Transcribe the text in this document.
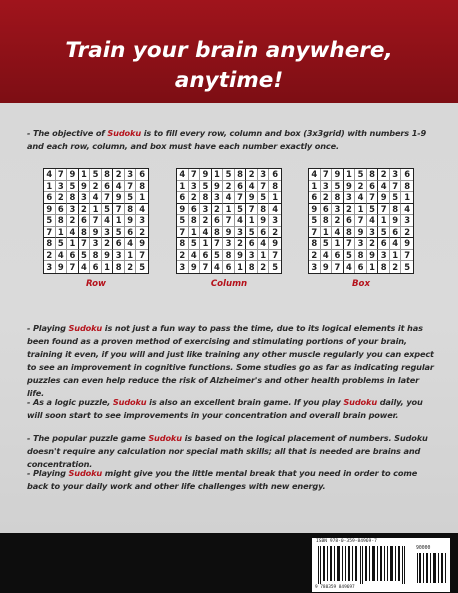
Train your brain anywhere,
anytime!

- The objective of Sudoku is to fill every row, column and box (3x3grid) with numbers 1-9 and each row, column, and box must have each number exactly once.

4 7 9 1 5 8 2 3 6
1 3 5 9 2 6 4 7 8
6 2 8 3 4 7 9 5 1
9 6 3 2 1 5 7 8 4
5 8 2 6 7 4 1 9 3
7 1 4 8 9 3 5 6 2
8 5 1 7 3 2 6 4 9
2 4 6 5 8 9 3 1 7
3 9 7 4 6 1 8 2 5
4 7 9 1 5 8 2 3 6
1 3 5 9 2 6 4 7 8
6 2 8 3 4 7 9 5 1
9 6 3 2 1 5 7 8 4
5 8 2 6 7 4 1 9 3
7 1 4 8 9 3 5 6 2
8 5 1 7 3 2 6 4 9
2 4 6 5 8 9 3 1 7
3 9 7 4 6 1 8 2 5
4 7 9 1 5 8 2 3 6
1 3 5 9 2 6 4 7 8
6 2 8 3 4 7 9 5 1
9 6 3 2 1 5 7 8 4
5 8 2 6 7 4 1 9 3
7 1 4 8 9 3 5 6 2
8 5 1 7 3 2 6 4 9
2 4 6 5 8 9 3 1 7
3 9 7 4 6 1 8 2 5
Row	Column	Box

- Playing Sudoku is not just a fun way to pass the time, due to its logical elements it has been found as a proven method of exercising and stimulating portions of your brain, training it even, if you will and just like training any other muscle regularly you can expect to see an improvement in cognitive functions. Some studies go as far as indicating regular puzzles can even help reduce the risk of Alzheimer's and other health problems in later life.

- As a logic puzzle, Sudoku is also an excellent brain game. If you play Sudoku daily, you will soon start to see improvements in your concentration and overall brain power.

- The popular puzzle game Sudoku is based on the logical placement of numbers. Sudoku doesn't require any calculation nor special math skills; all that is needed are brains and concentration.

- Playing Sudoku might give you the little mental break that you need in order to come back to your daily work and other life challenges with new energy.

ISBN 978-0-359-84969-7
90000
9 780359 849697
